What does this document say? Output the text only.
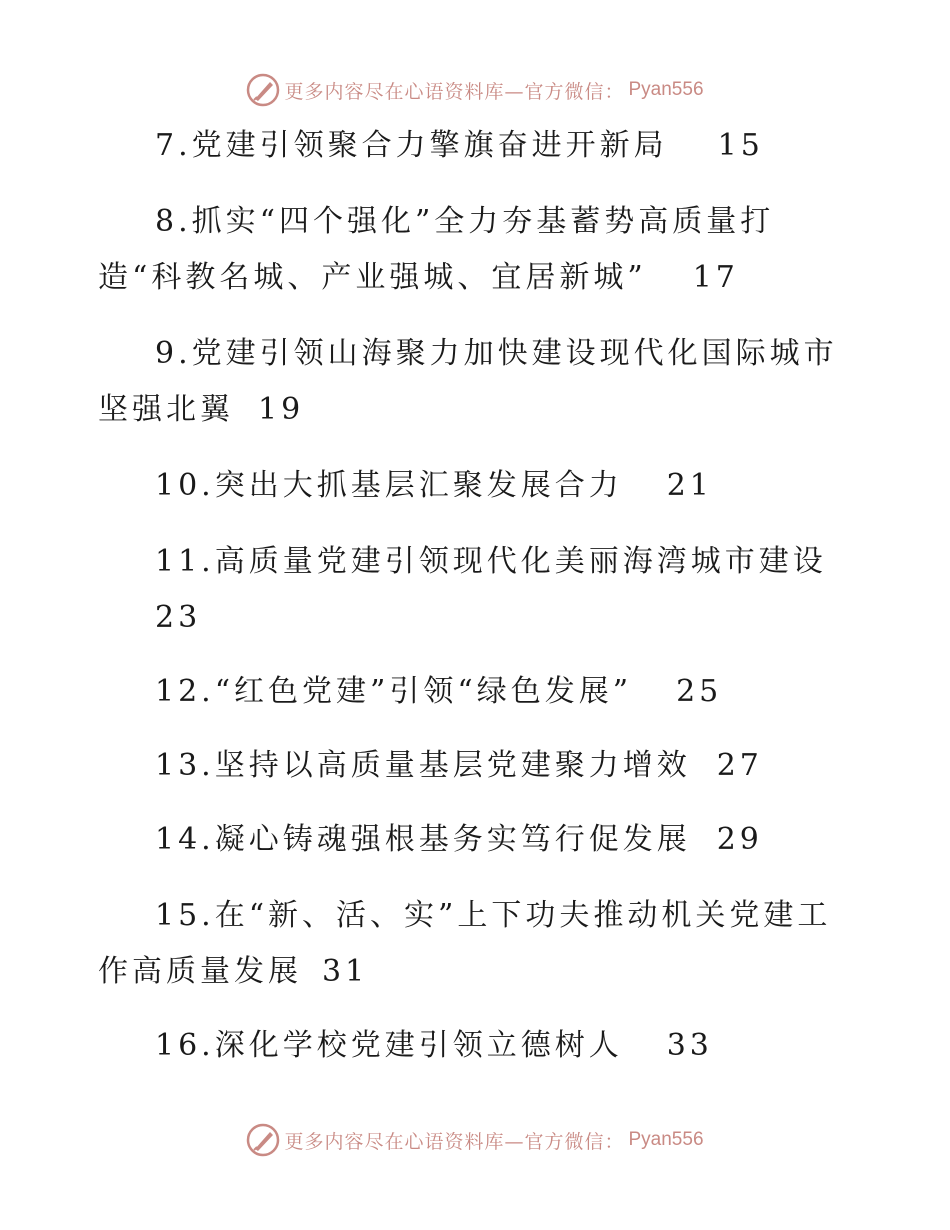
更多内容尽在心语资料库—官方微信： Pyan556
7.党建引领聚合力擎旗奋进开新局 15
8.抓实“四个强化”全力夯基蓄势高质量打
造“科教名城、产业强城、宜居新城” 17
9.党建引领山海聚力加快建设现代化国际城市
坚强北翼 19
10.突出大抓基层汇聚发展合力 21
11.高质量党建引领现代化美丽海湾城市建设
23
12.“红色党建”引领“绿色发展” 25
13.坚持以高质量基层党建聚力增效 27
14.凝心铸魂强根基务实笃行促发展 29
15.在“新、活、实”上下功夫推动机关党建工
作高质量发展 31
16.深化学校党建引领立德树人 33
更多内容尽在心语资料库—官方微信： Pyan556
